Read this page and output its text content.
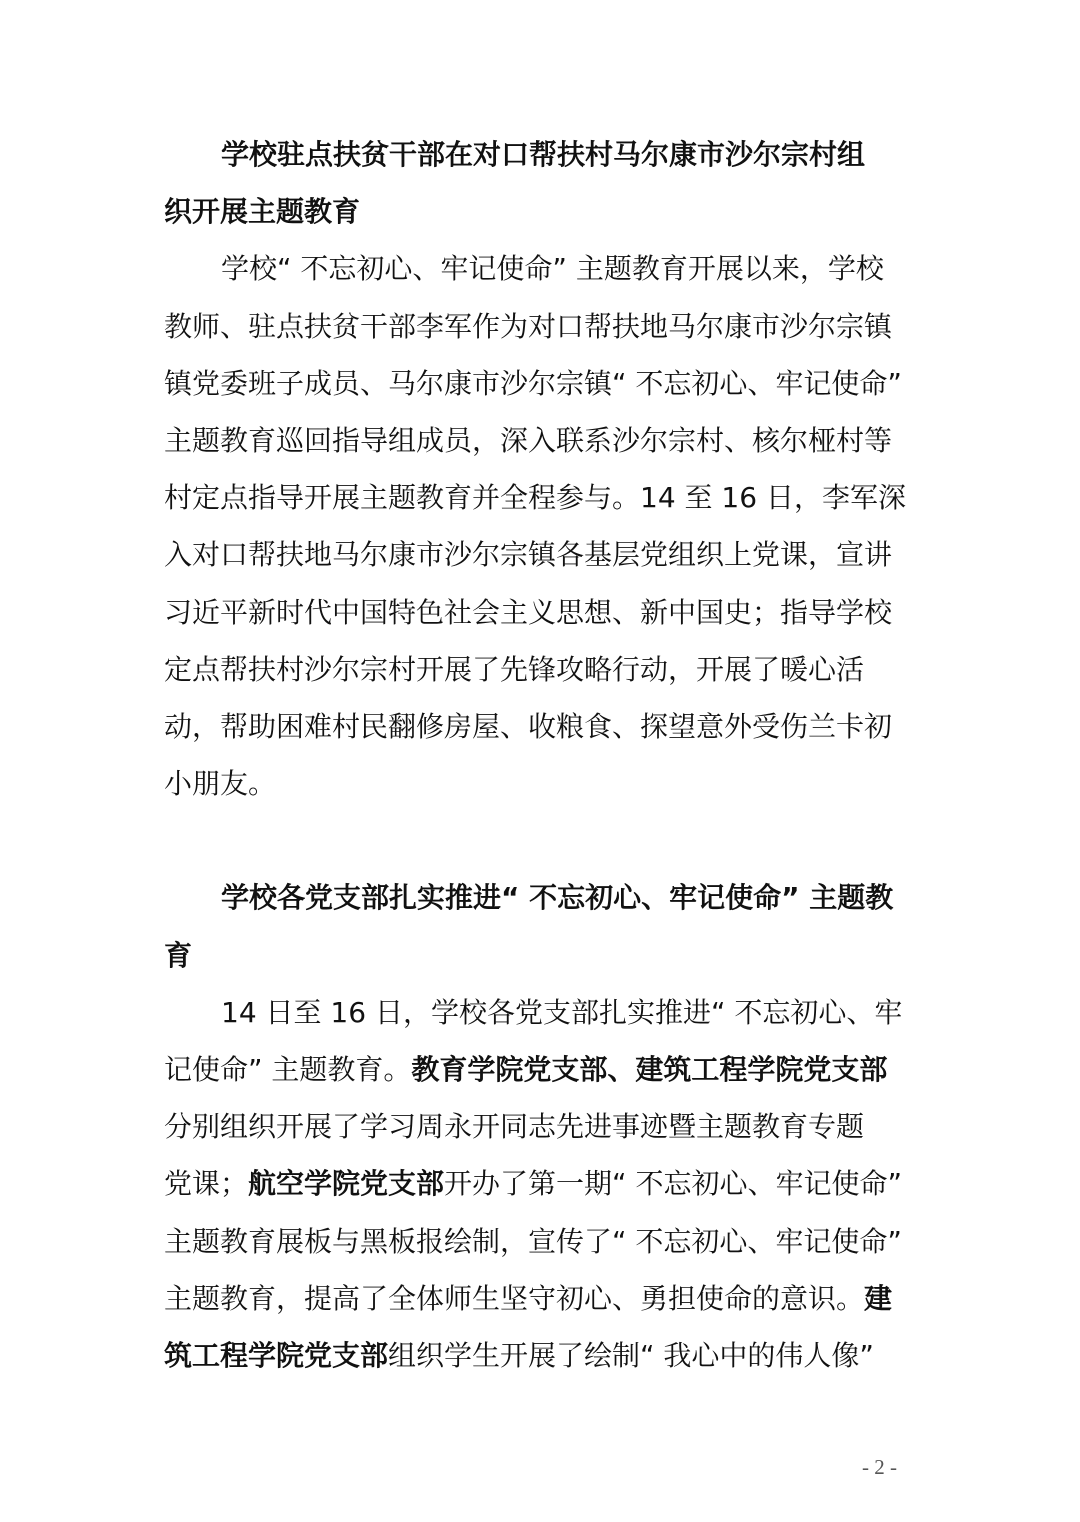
学校驻点扶贫干部在对口帮扶村马尔康市沙尔宗村组
织开展主题教育
学校“ 不忘初心、牢记使命” 主题教育开展以来，学校
教师、驻点扶贫干部李军作为对口帮扶地马尔康市沙尔宗镇
镇党委班子成员、马尔康市沙尔宗镇“ 不忘初心、牢记使命”
主题教育巡回指导组成员，深入联系沙尔宗村、核尔桠村等
村定点指导开展主题教育并全程参与。14 至 16 日，李军深
入对口帮扶地马尔康市沙尔宗镇各基层党组织上党课，宣讲
习近平新时代中国特色社会主义思想、新中国史；指导学校
定点帮扶村沙尔宗村开展了先锋攻略行动，开展了暖心活
动，帮助困难村民翻修房屋、收粮食、探望意外受伤兰卡初
小朋友。
学校各党支部扎实推进“ 不忘初心、牢记使命” 主题教
育
14 日至 16 日，学校各党支部扎实推进“ 不忘初心、牢
记使命” 主题教育。教育学院党支部、建筑工程学院党支部
分别组织开展了学习周永开同志先进事迹暨主题教育专题
党课；航空学院党支部开办了第一期“ 不忘初心、牢记使命”
主题教育展板与黑板报绘制，宣传了“ 不忘初心、牢记使命”
主题教育，提高了全体师生坚守初心、勇担使命的意识。建
筑工程学院党支部组织学生开展了绘制“ 我心中的伟人像”
- 2 -
